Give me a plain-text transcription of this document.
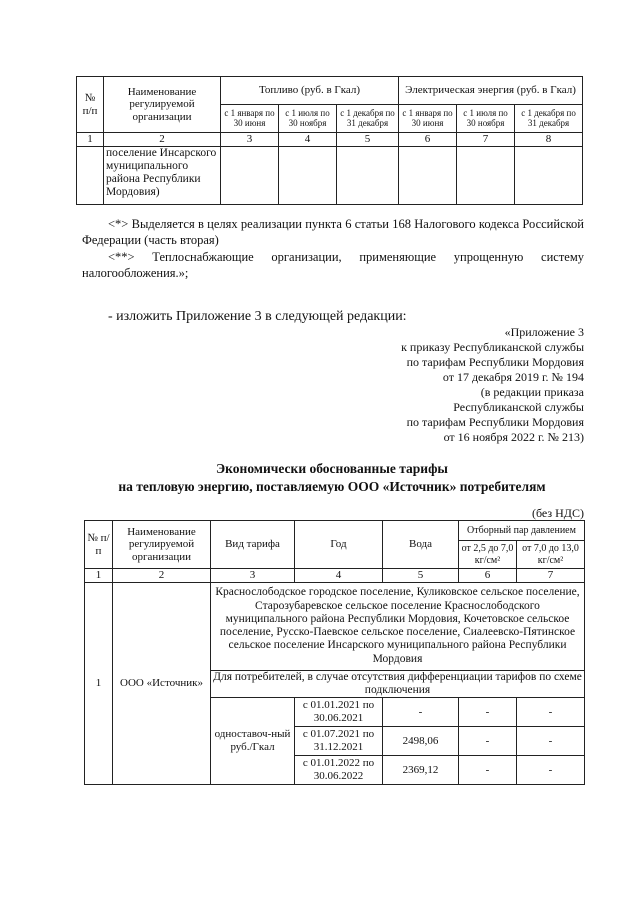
№ п/п	Наименование регулируемой организации	Топливо (руб. в Гкал)			Электрическая энергия (руб. в Гкал)		
		с 1 января по 30 июня	с 1 июля по 30 ноября	с 1 декабря по 31 декабря	с 1 января по 30 июня	с 1 июля по 30 ноября	с 1 декабря по 31 декабря
1	2	3	4	5	6	7	8
	поселение Инсарского муниципального района Республики Мордовия)						

<*> Выделяется в целях реализации пункта 6 статьи 168 Налогового кодекса Российской Федерации (часть вторая)

<**> Теплоснабжающие организации, применяющие упрощенную систему налогообложения.»;

- изложить Приложение 3 в следующей редакции:

«Приложение 3
к приказу Республиканской службы
по тарифам Республики Мордовия
от 17 декабря 2019 г. № 194
(в редакции приказа
Республиканской службы
по тарифам Республики Мордовия
от 16 ноября 2022 г. № 213)
Экономически обоснованные тарифы
на тепловую энергию, поставляемую ООО «Источник» потребителям
(без НДС)
№ п/п	Наименование регулируемой организации	Вид тарифа	Год	Вода	Отборный пар давлением	
					от 2,5 до 7,0 кг/см²	от 7,0 до 13,0 кг/см²
1	2	3	4	5	6	7
1	ООО «Источник»	Краснослободское городское поселение, Куликовское сельское поселение, Старозубаревское сельское поселение Краснослободского муниципального района Республики Мордовия, Кочетовское сельское поселение, Русско-Паевское сельское поселение, Сиалеевско-Пятинское сельское поселение Инсарского муниципального района Республики Мордовия				
		Для потребителей, в случае отсутствия дифференциации тарифов по схеме подключения				
		одноставоч-ный руб./Гкал	с 01.01.2021 по 30.06.2021	-	-	-
			с 01.07.2021 по 31.12.2021	2498,06	-	-
			с 01.01.2022 по 30.06.2022	2369,12	-	-
